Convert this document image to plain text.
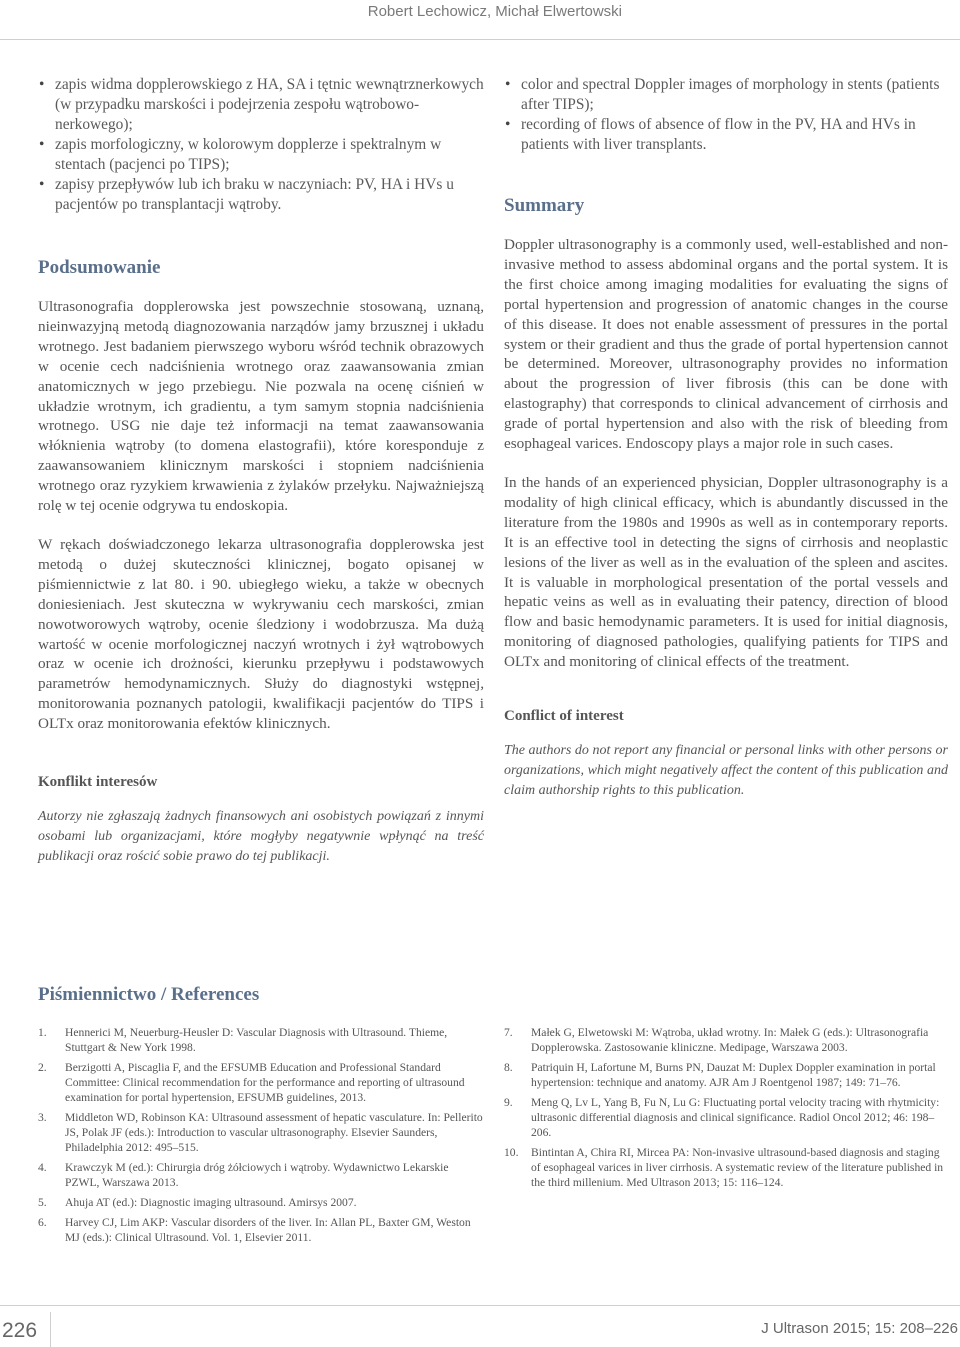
Robert Lechowicz, Michał Elwertowski
• zapis widma dopplerowskiego z HA, SA i tętnic wewnątrznerkowych (w przypadku marskości i podejrzenia zespołu wątrobowo-nerkowego);
• zapis morfologiczny, w kolorowym dopplerze i spektralnym w stentach (pacjenci po TIPS);
• zapisy przepływów lub ich braku w naczyniach: PV, HA i HVs u pacjentów po transplantacji wątroby.
Podsumowanie

Ultrasonografia dopplerowska jest powszechnie stosowaną, uznaną, nieinwazyjną metodą diagnozowania narządów jamy brzusznej i układu wrotnego. Jest badaniem pierwszego wyboru wśród technik obrazowych w ocenie cech nadciśnienia wrotnego oraz zaawansowania zmian anatomicznych w jego przebiegu. Nie pozwala na ocenę ciśnień w układzie wrotnym, ich gradientu, a tym samym stopnia nadciśnienia wrotnego. USG nie daje też informacji na temat zaawansowania włóknienia wątroby (to domena elastografii), które koresponduje z zaawansowaniem klinicznym marskości i stopniem nadciśnienia wrotnego oraz ryzykiem krwawienia z żylaków przełyku. Najważniejszą rolę w tej ocenie odgrywa tu endoskopia.

W rękach doświadczonego lekarza ultrasonografia dopplerowska jest metodą o dużej skuteczności klinicznej, bogato opisanej w piśmiennictwie z lat 80. i 90. ubiegłego wieku, a także w obecnych doniesieniach. Jest skuteczna w wykrywaniu cech marskości, zmian nowotworowych wątroby, ocenie śledziony i wodobrzusza. Ma dużą wartość w ocenie morfologicznej naczyń wrotnych i żył wątrobowych oraz w ocenie ich drożności, kierunku przepływu i podstawowych parametrów hemodynamicznych. Służy do diagnostyki wstępnej, monitorowania poznanych patologii, kwalifikacji pacjentów do TIPS i OLTx oraz monitorowania efektów klinicznych.

Konflikt interesów

Autorzy nie zgłaszają żadnych finansowych ani osobistych powiązań z innymi osobami lub organizacjami, które mogłyby negatywnie wpłynąć na treść publikacji oraz rościć sobie prawo do tej publikacji.

• color and spectral Doppler images of morphology in stents (patients after TIPS);
• recording of flows of absence of flow in the PV, HA and HVs in patients with liver transplants.
Summary

Doppler ultrasonography is a commonly used, well-established and non-invasive method to assess abdominal organs and the portal system. It is the first choice among imaging modalities for evaluating the signs of portal hypertension and progression of anatomic changes in the course of this disease. It does not enable assessment of pressures in the portal system or their gradient and thus the grade of portal hypertension cannot be determined. Moreover, ultrasonography provides no information about the progression of liver fibrosis (this can be done with elastography) that corresponds to clinical advancement of cirrhosis and grade of portal hypertension and also with the risk of bleeding from esophageal varices. Endoscopy plays a major role in such cases.

In the hands of an experienced physician, Doppler ultrasonography is a modality of high clinical efficacy, which is abundantly discussed in the literature from the 1980s and 1990s as well as in contemporary reports. It is an effective tool in detecting the signs of cirrhosis and neoplastic lesions of the liver as well as in the evaluation of the spleen and ascites. It is valuable in morphological presentation of the portal vessels and hepatic veins as well as in evaluating their patency, direction of blood flow and basic hemodynamic parameters. It is used for initial diagnosis, monitoring of diagnosed pathologies, qualifying patients for TIPS and OLTx and monitoring of clinical effects of the treatment.

Conflict of interest

The authors do not report any financial or personal links with other persons or organizations, which might negatively affect the content of this publication and claim authorship rights to this publication.

Piśmiennictwo / References
1. Hennerici M, Neuerburg-Heusler D: Vascular Diagnosis with Ultrasound. Thieme, Stuttgart & New York 1998.
2. Berzigotti A, Piscaglia F, and the EFSUMB Education and Professional Standard Committee: Clinical recommendation for the performance and reporting of ultrasound examination for portal hypertension, EFSUMB guidelines, 2013.
3. Middleton WD, Robinson KA: Ultrasound assessment of hepatic vasculature. In: Pellerito JS, Polak JF (eds.): Introduction to vascular ultrasonography. Elsevier Saunders, Philadelphia 2012: 495–515.
4. Krawczyk M (ed.): Chirurgia dróg żółciowych i wątroby. Wydawnictwo Lekarskie PZWL, Warszawa 2013.
5. Ahuja AT (ed.): Diagnostic imaging ultrasound. Amirsys 2007.
6. Harvey CJ, Lim AKP: Vascular disorders of the liver. In: Allan PL, Baxter GM, Weston MJ (eds.): Clinical Ultrasound. Vol. 1, Elsevier 2011.
7. Małek G, Elwetowski M: Wątroba, układ wrotny. In: Małek G (eds.): Ultrasonografia Dopplerowska. Zastosowanie kliniczne. Medipage, Warszawa 2003.
8. Patriquin H, Lafortune M, Burns PN, Dauzat M: Duplex Doppler examination in portal hypertension: technique and anatomy. AJR Am J Roentgenol 1987; 149: 71–76.
9. Meng Q, Lv L, Yang B, Fu N, Lu G: Fluctuating portal velocity tracing with rhytmicity: ultrasonic differential diagnosis and clinical significance. Radiol Oncol 2012; 46: 198–206.
10. Bintintan A, Chira RI, Mircea PA: Non-invasive ultrasound-based diagnosis and staging of esophageal varices in liver cirrhosis. A systematic review of the literature published in the third millenium. Med Ultrason 2013; 15: 116–124.
226	J Ultrason 2015; 15: 208–226
